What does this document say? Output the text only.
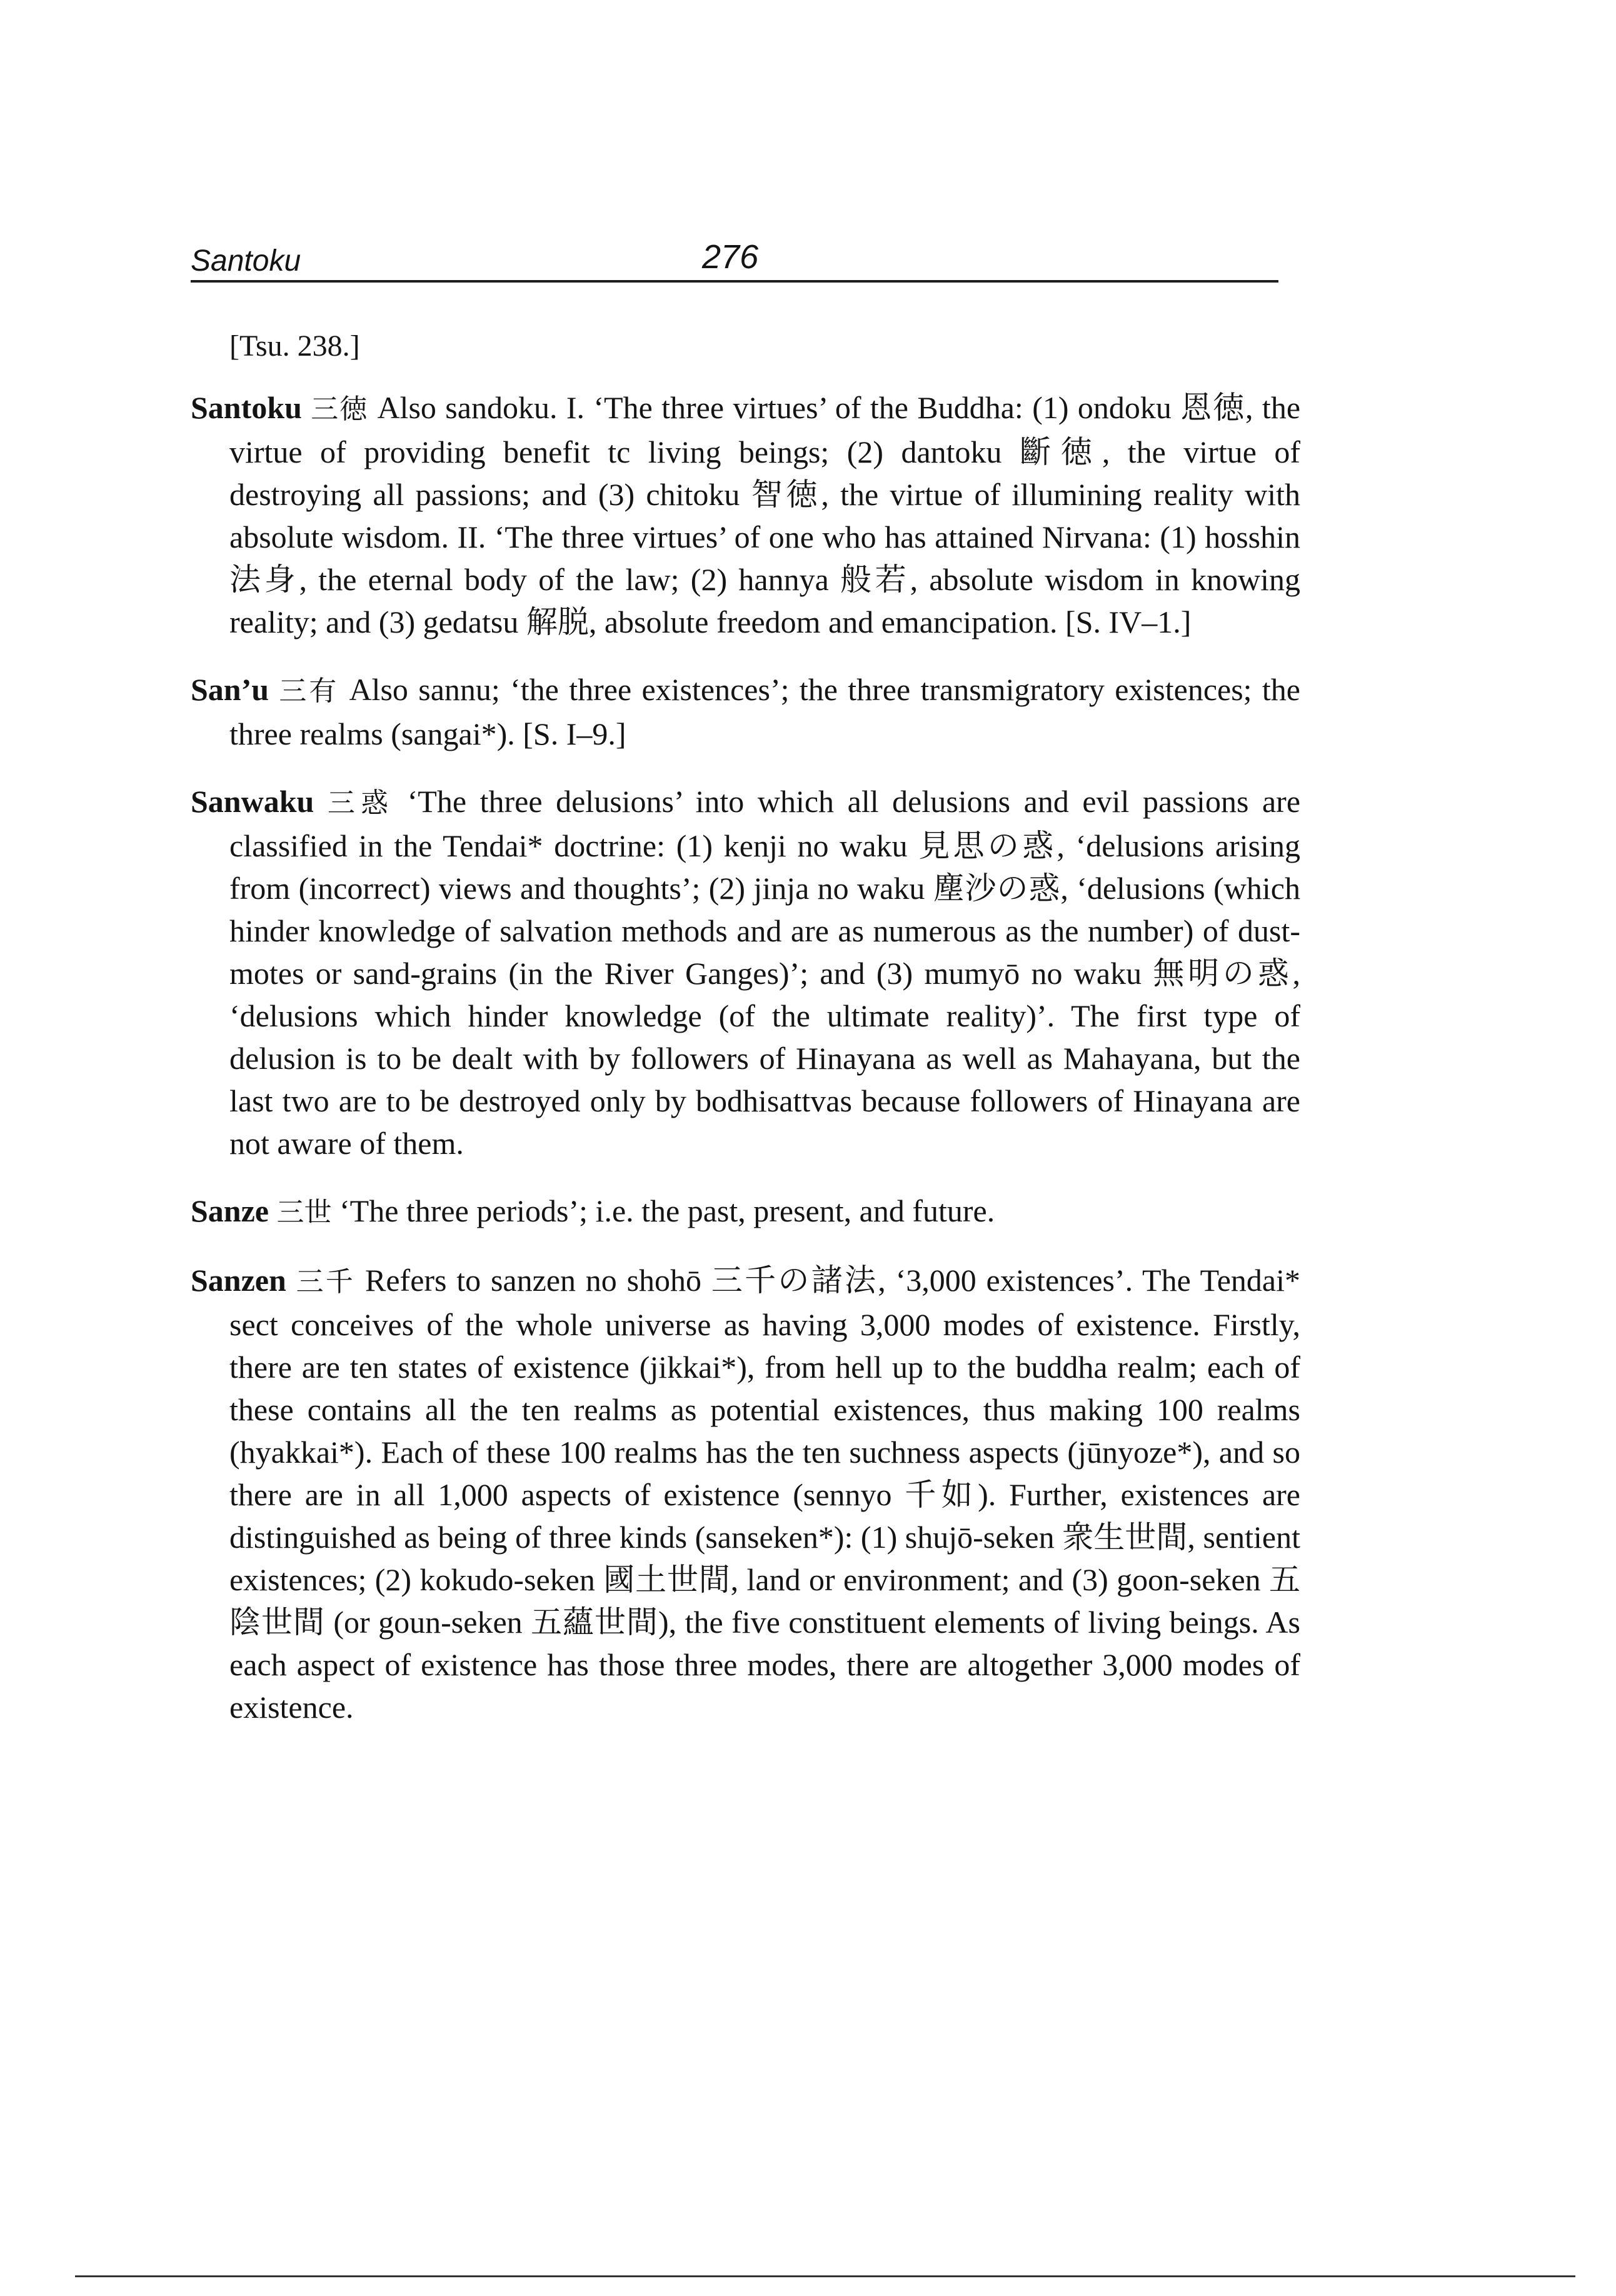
Santoku	276

[Tsu. 238.]

Santoku 三徳 Also sandoku. I. ‘The three virtues’ of the Buddha: (1) ondoku 恩徳, the virtue of providing benefit tc living beings; (2) dantoku 斷徳, the virtue of destroying all passions; and (3) chitoku 智徳, the virtue of illumining reality with absolute wisdom. II. ‘The three virtues’ of one who has attained Nirvana: (1) hosshin 法身, the eternal body of the law; (2) hannya 般若, absolute wisdom in knowing reality; and (3) gedatsu 解脱, absolute freedom and emancipation. [S. IV–1.]

San’u 三有 Also sannu; ‘the three existences’; the three transmigratory existences; the three realms (sangai*). [S. I–9.]

Sanwaku 三惑 ‘The three delusions’ into which all delusions and evil passions are classified in the Tendai* doctrine: (1) kenji no waku 見思の惑, ‘delusions arising from (incorrect) views and thoughts’; (2) jinja no waku 塵沙の惑, ‘delusions (which hinder knowledge of salvation methods and are as numerous as the number) of dust-motes or sand-grains (in the River Ganges)’; and (3) mumyō no waku 無明の惑, ‘delusions which hinder knowledge (of the ultimate reality)’. The first type of delusion is to be dealt with by followers of Hinayana as well as Mahayana, but the last two are to be destroyed only by bodhisattvas because followers of Hinayana are not aware of them.

Sanze 三世 ‘The three periods’; i.e. the past, present, and future.

Sanzen 三千 Refers to sanzen no shohō 三千の諸法, ‘3,000 existences’. The Tendai* sect conceives of the whole universe as having 3,000 modes of existence. Firstly, there are ten states of existence (jikkai*), from hell up to the buddha realm; each of these contains all the ten realms as potential existences, thus making 100 realms (hyakkai*). Each of these 100 realms has the ten suchness aspects (jūnyoze*), and so there are in all 1,000 aspects of existence (sennyo 千如). Further, existences are distinguished as being of three kinds (sanseken*): (1) shujō-seken 衆生世間, sentient existences; (2) kokudo-seken 國土世間, land or environment; and (3) goon-seken 五陰世間 (or goun-seken 五蘊世間), the five constituent elements of living beings. As each aspect of existence has those three modes, there are altogether 3,000 modes of existence.
